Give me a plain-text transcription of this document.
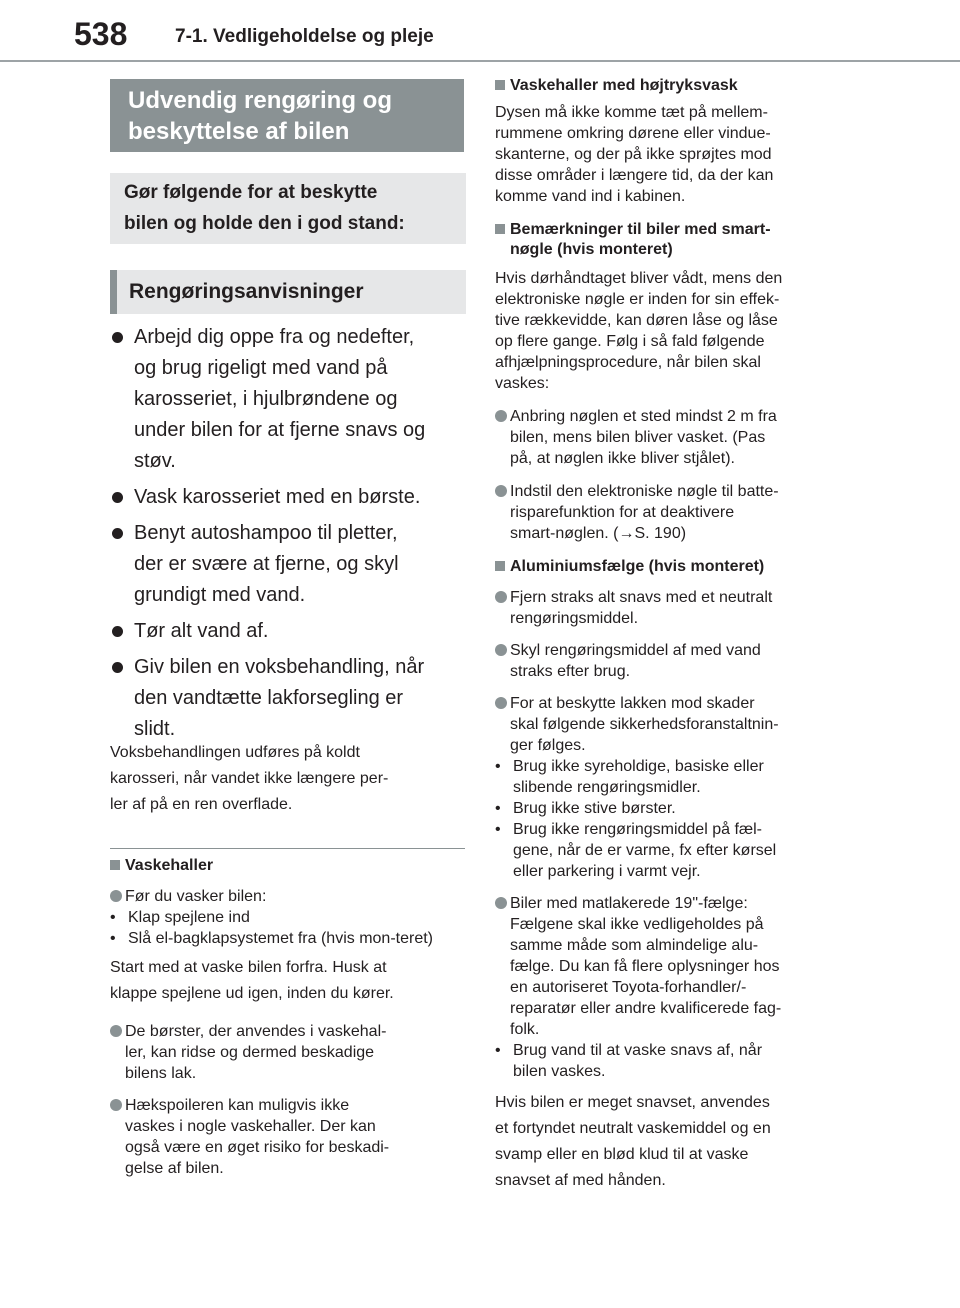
538	7-1. Vedligeholdelse og pleje
Udvendig rengøring og
beskyttelse af bilen
Gør følgende for at beskytte
bilen og holde den i god stand:
Rengøringsanvisninger
Arbejd dig oppe fra og nedefter,
og brug rigeligt med vand på
karosseriet, i hjulbrøndene og
under bilen for at fjerne snavs og
støv.
Vask karosseriet med en børste.
Benyt autoshampoo til pletter,
der er svære at fjerne, og skyl
grundigt med vand.
Tør alt vand af.
Giv bilen en voksbehandling, når
den vandtætte lakforsegling er
slidt.
Voksbehandlingen udføres på koldt
karosseri, når vandet ikke længere per-
ler af på en ren overflade.
Vaskehaller
Før du vasker bilen:
• Klap spejlene ind
• Slå el-bagklapsystemet fra (hvis mon-teret)
Start med at vaske bilen forfra. Husk at
klappe spejlene ud igen, inden du kører.
De børster, der anvendes i vaskehal-
ler, kan ridse og dermed beskadige
bilens lak.
Hækspoileren kan muligvis ikke
vaskes i nogle vaskehaller. Der kan
også være en øget risiko for beskadi-
gelse af bilen.
Vaskehaller med højtryksvask
Dysen må ikke komme tæt på mellem-
rummene omkring dørene eller vindue-
skanterne, og der på ikke sprøjtes mod
disse områder i længere tid, da der kan
komme vand ind i kabinen.
Bemærkninger til biler med smart-
nøgle (hvis monteret)
Hvis dørhåndtaget bliver vådt, mens den
elektroniske nøgle er inden for sin effek-
tive rækkevidde, kan døren låse og låse
op flere gange. Følg i så fald følgende
afhjælpningsprocedure, når bilen skal
vaskes:
Anbring nøglen et sted mindst 2 m fra
bilen, mens bilen bliver vasket. (Pas
på, at nøglen ikke bliver stjålet).
Indstil den elektroniske nøgle til batte-
risparefunktion for at deaktivere
smart-nøglen. (→S. 190)
Aluminiumsfælge (hvis monteret)
Fjern straks alt snavs med et neutralt
rengøringsmiddel.
Skyl rengøringsmiddel af med vand
straks efter brug.
For at beskytte lakken mod skader
skal følgende sikkerhedsforanstaltnin-
ger følges.
• Brug ikke syreholdige, basiske eller
slibende rengøringsmidler.
• Brug ikke stive børster.
• Brug ikke rengøringsmiddel på fæl-
gene, når de er varme, fx efter kørsel
eller parkering i varmt vejr.
Biler med matlakerede 19"-fælge:
Fælgene skal ikke vedligeholdes på
samme måde som almindelige alu-
fælge. Du kan få flere oplysninger hos
en autoriseret Toyota-forhandler/-
reparatør eller andre kvalificerede fag-
folk.
• Brug vand til at vaske snavs af, når
bilen vaskes.
Hvis bilen er meget snavset, anvendes
et fortyndet neutralt vaskemiddel og en
svamp eller en blød klud til at vaske
snavset af med hånden.
